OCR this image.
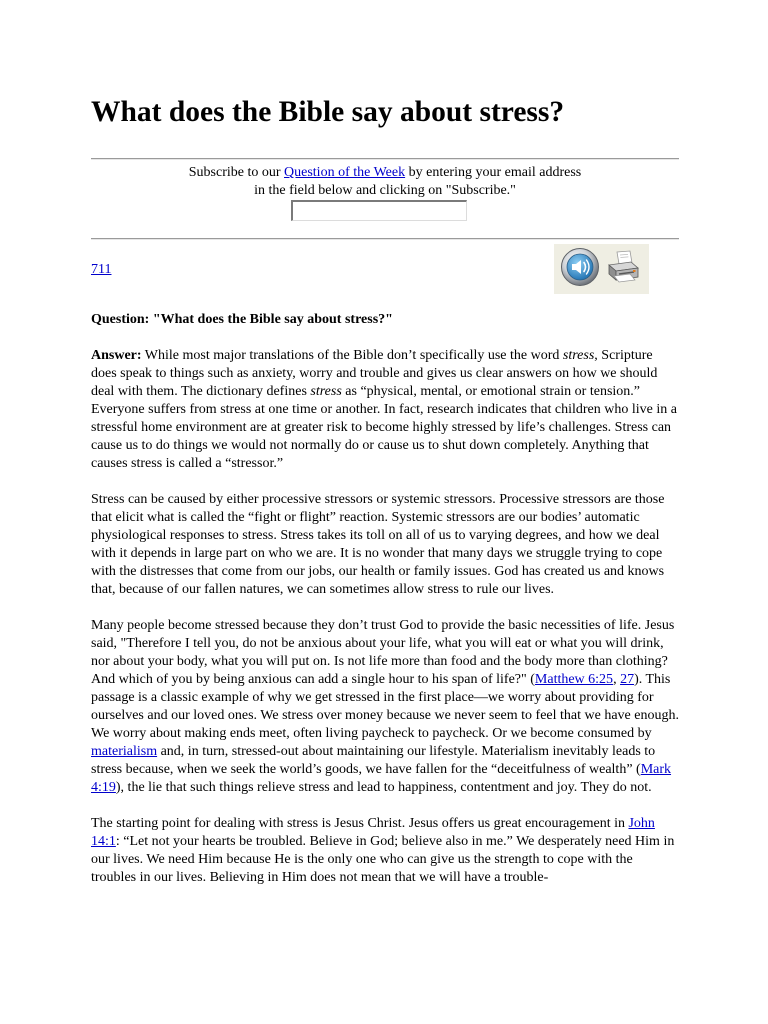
What does the Bible say about stress?
Subscribe to our Question of the Week by entering your email address
in the field below and clicking on "Subscribe."
711

Question: "What does the Bible say about stress?"

Answer: While most major translations of the Bible don’t specifically use the word stress, Scripture does speak to things such as anxiety, worry and trouble and gives us clear answers on how we should deal with them. The dictionary defines stress as “physical, mental, or emotional strain or tension.” Everyone suffers from stress at one time or another. In fact, research indicates that children who live in a stressful home environment are at greater risk to become highly stressed by life’s challenges. Stress can cause us to do things we would not normally do or cause us to shut down completely. Anything that causes stress is called a “stressor.”

Stress can be caused by either processive stressors or systemic stressors. Processive stressors are those that elicit what is called the “fight or flight” reaction. Systemic stressors are our bodies’ automatic physiological responses to stress. Stress takes its toll on all of us to varying degrees, and how we deal with it depends in large part on who we are. It is no wonder that many days we struggle trying to cope with the distresses that come from our jobs, our health or family issues. God has created us and knows that, because of our fallen natures, we can sometimes allow stress to rule our lives.

Many people become stressed because they don’t trust God to provide the basic necessities of life. Jesus said, "Therefore I tell you, do not be anxious about your life, what you will eat or what you will drink, nor about your body, what you will put on. Is not life more than food and the body more than clothing? And which of you by being anxious can add a single hour to his span of life?" (Matthew 6:25, 27). This passage is a classic example of why we get stressed in the first place—we worry about providing for ourselves and our loved ones. We stress over money because we never seem to feel that we have enough. We worry about making ends meet, often living paycheck to paycheck. Or we become consumed by materialism and, in turn, stressed-out about maintaining our lifestyle. Materialism inevitably leads to stress because, when we seek the world’s goods, we have fallen for the “deceitfulness of wealth” (Mark 4:19), the lie that such things relieve stress and lead to happiness, contentment and joy. They do not.

The starting point for dealing with stress is Jesus Christ. Jesus offers us great encouragement in John 14:1: “Let not your hearts be troubled. Believe in God; believe also in me.” We desperately need Him in our lives. We need Him because He is the only one who can give us the strength to cope with the troubles in our lives. Believing in Him does not mean that we will have a trouble-
